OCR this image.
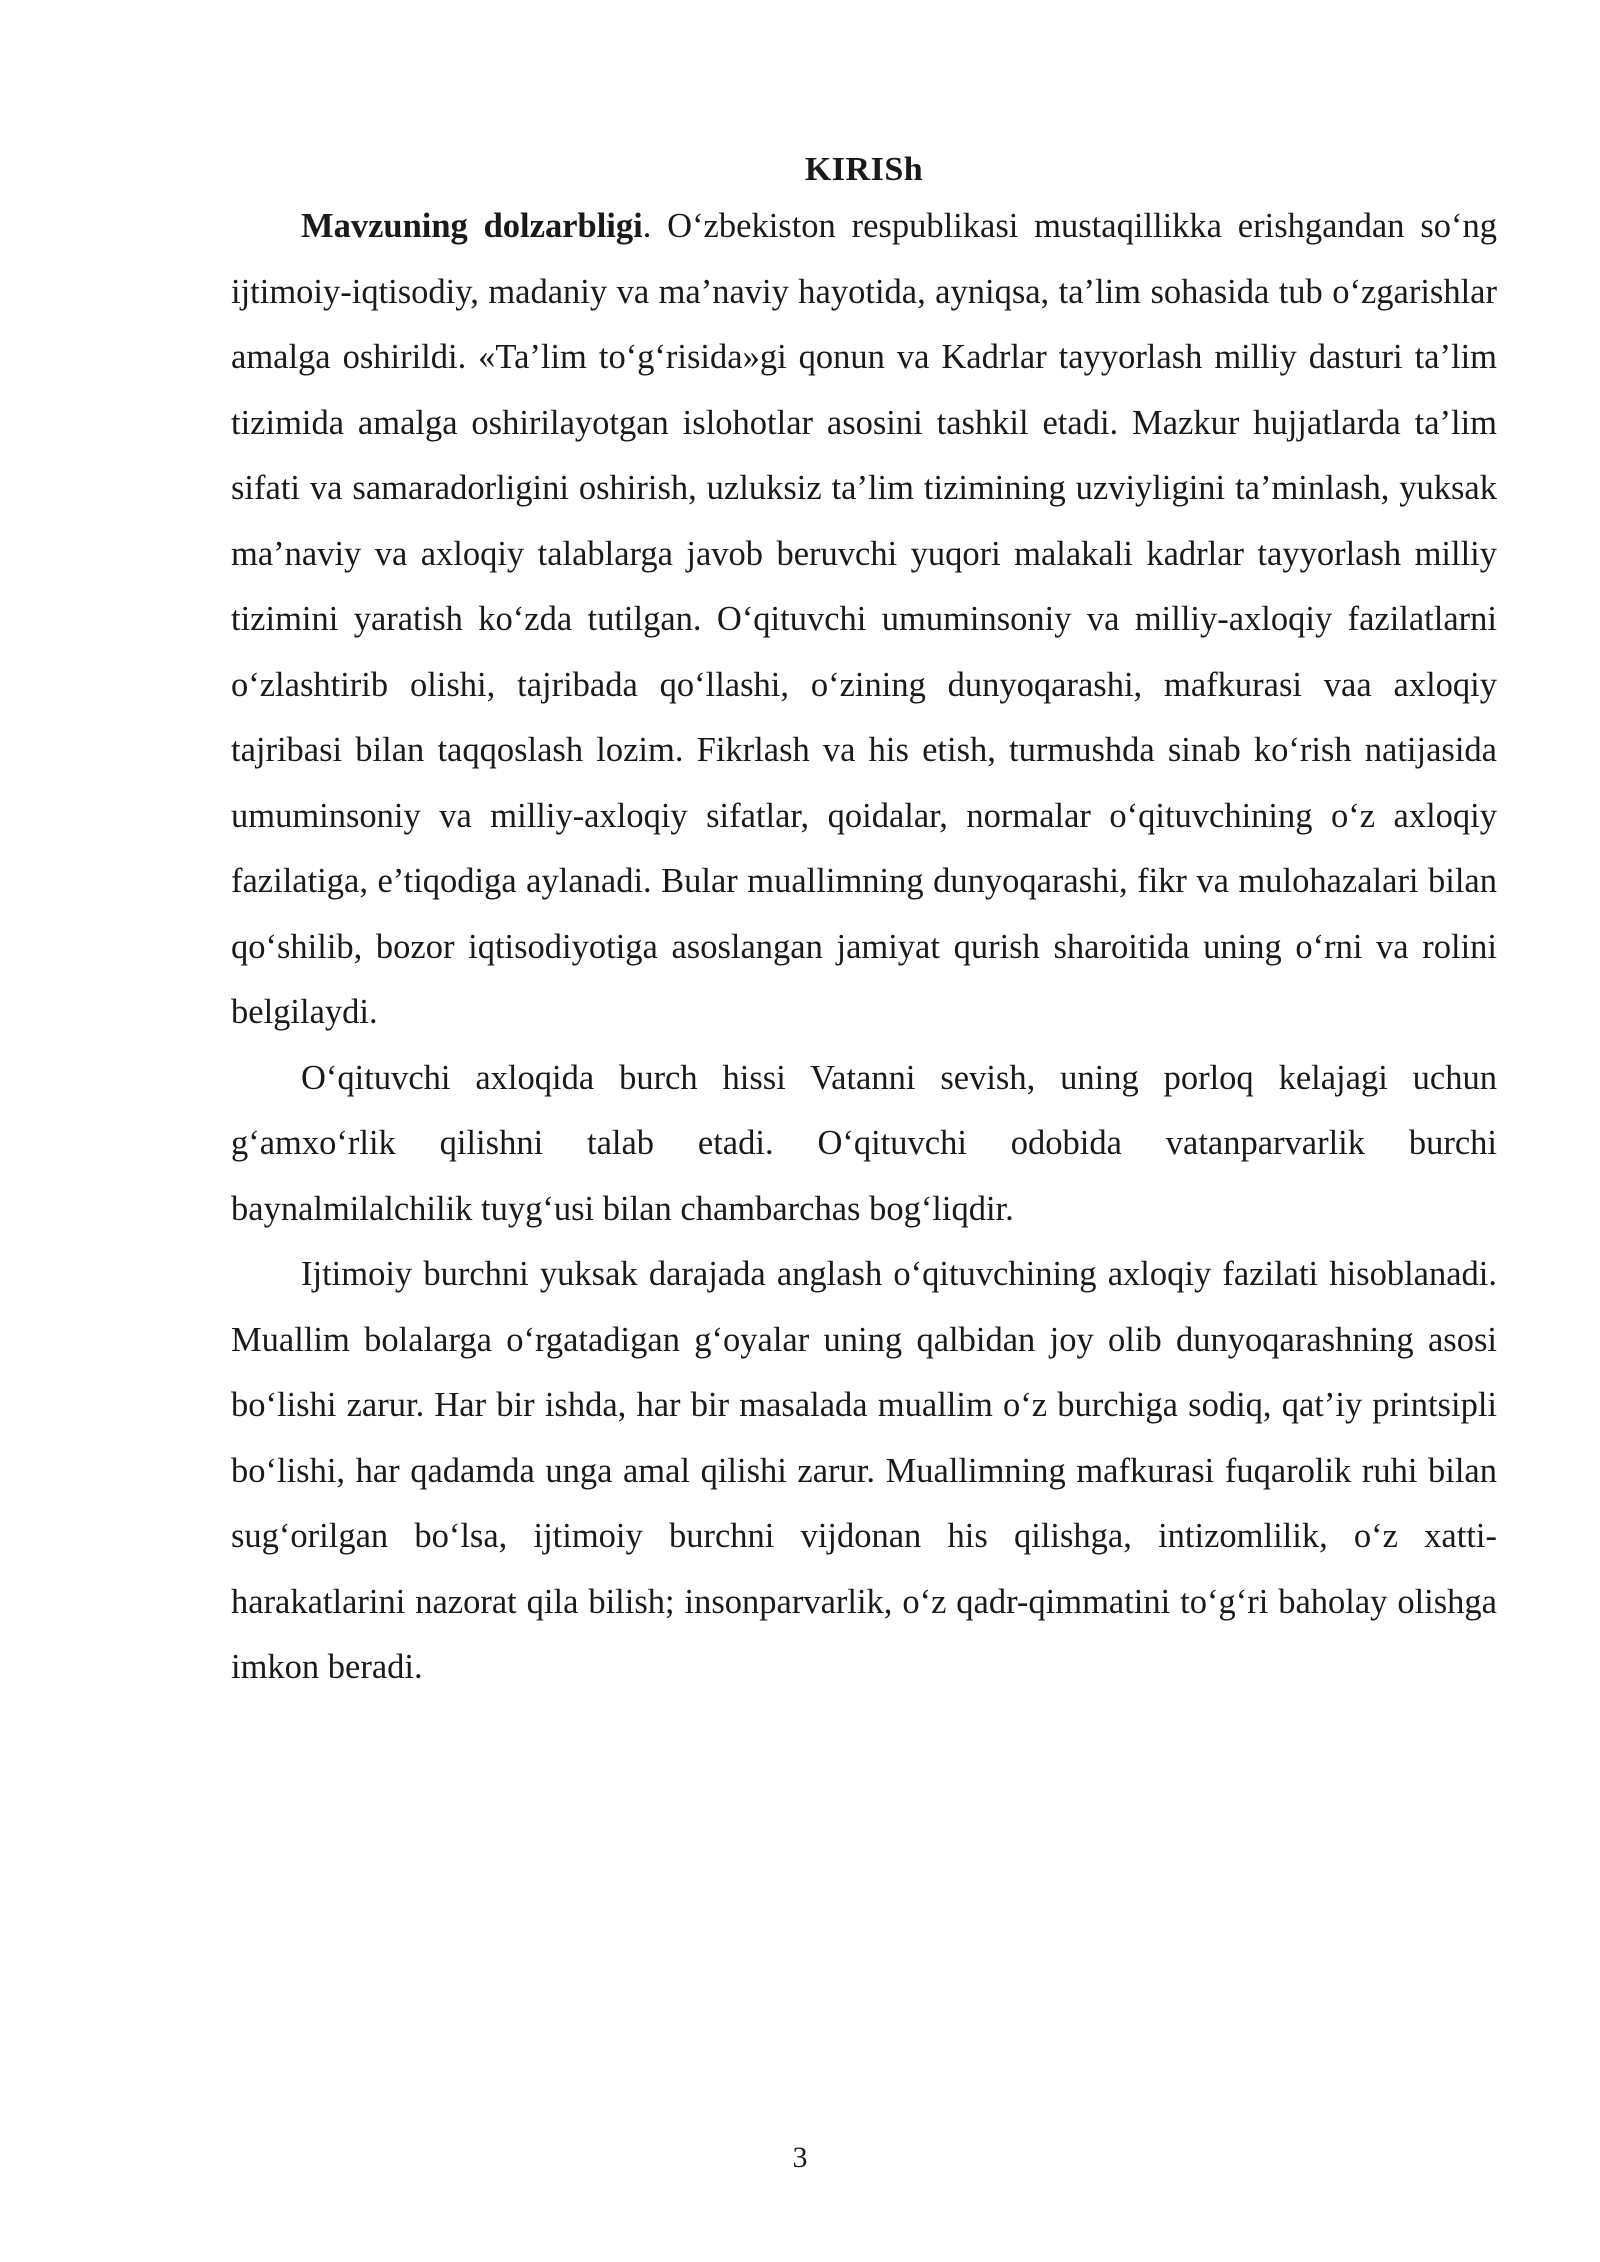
KIRISh

Mavzuning dolzarbligi. O‘zbekiston respublikasi mustaqillikka erishgandan so‘ng ijtimoiy-iqtisodiy, madaniy va ma’naviy hayotida, ayniqsa, ta’lim sohasida tub o‘zgarishlar amalga oshirildi. «Ta’lim to‘g‘risida»gi qonun va Kadrlar tayyorlash milliy dasturi ta’lim tizimida amalga oshirilayotgan islohotlar asosini tashkil etadi. Mazkur hujjatlarda ta’lim sifati va samaradorligini oshirish, uzluksiz ta’lim tizimining uzviyligini ta’minlash, yuksak ma’naviy va axloqiy talablarga javob beruvchi yuqori malakali kadrlar tayyorlash milliy tizimini yaratish ko‘zda tutilgan. O‘qituvchi umuminsoniy va milliy-axloqiy fazilatlarni o‘zlashtirib olishi, tajribada qo‘llashi, o‘zining dunyoqarashi, mafkurasi vaa axloqiy tajribasi bilan taqqoslash lozim. Fikrlash va his etish, turmushda sinab ko‘rish natijasida umuminsoniy va milliy-axloqiy sifatlar, qoidalar, normalar o‘qituvchining o‘z axloqiy fazilatiga, e’tiqodiga aylanadi. Bular muallimning dunyoqarashi, fikr va mulohazalari bilan qo‘shilib, bozor iqtisodiyotiga asoslangan jamiyat qurish sharoitida uning o‘rni va rolini belgilaydi.

O‘qituvchi axloqida burch hissi Vatanni sevish, uning porloq kelajagi uchun g‘amxo‘rlik qilishni talab etadi. O‘qituvchi odobida vatanparvarlik burchi baynalmilalchilik tuyg‘usi bilan chambarchas bog‘liqdir.

Ijtimoiy burchni yuksak darajada anglash o‘qituvchining axloqiy fazilati hisoblanadi. Muallim bolalarga o‘rgatadigan g‘oyalar uning qalbidan joy olib dunyoqarashning asosi bo‘lishi zarur. Har bir ishda, har bir masalada muallim o‘z burchiga sodiq, qat’iy printsipli bo‘lishi, har qadamda unga amal qilishi zarur. Muallimning mafkurasi fuqarolik ruhi bilan sug‘orilgan bo‘lsa, ijtimoiy burchni vijdonan his qilishga, intizomlilik, o‘z xatti-harakatlarini nazorat qila bilish; insonparvarlik, o‘z qadr-qimmatini to‘g‘ri baholay olishga imkon beradi.

3
